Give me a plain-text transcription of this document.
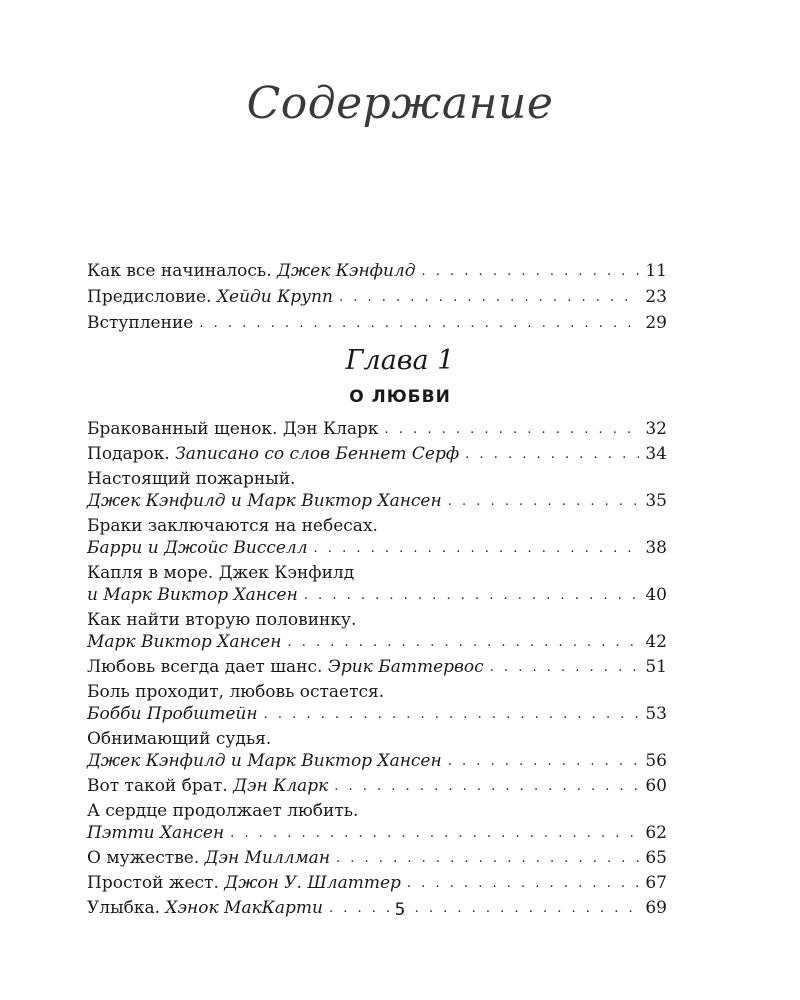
Содержание
Как все начиналось. Джек Кэнфилд . . .	11
Предисловие. Хейди Крупп . . .	23
Вступление . . .	29
Глава 1
О ЛЮБВИ
Бракованный щенок. Дэн Кларк . . .	32
Подарок. Записано со слов Беннет Серф . . .	34
Настоящий пожарный.
Джек Кэнфилд и Марк Виктор Хансен . . .	35
Браки заключаются на небесах.
Барри и Джойс Висселл . . .	38
Капля в море. Джек Кэнфилд
и Марк Виктор Хансен . . .	40
Как найти вторую половинку.
Марк Виктор Хансен . . .	42
Любовь всегда дает шанс. Эрик Баттервос . . .	51
Боль проходит, любовь остается.
Бобби Пробштейн . . .	53
Обнимающий судья.
Джек Кэнфилд и Марк Виктор Хансен . . .	56
Вот такой брат. Дэн Кларк . . .	60
А сердце продолжает любить.
Пэтти Хансен . . .	62
О мужестве. Дэн Миллман . . .	65
Простой жест. Джон У. Шлаттер . . .	67
Улыбка. Хэнок МакКарти . . .	69
5
